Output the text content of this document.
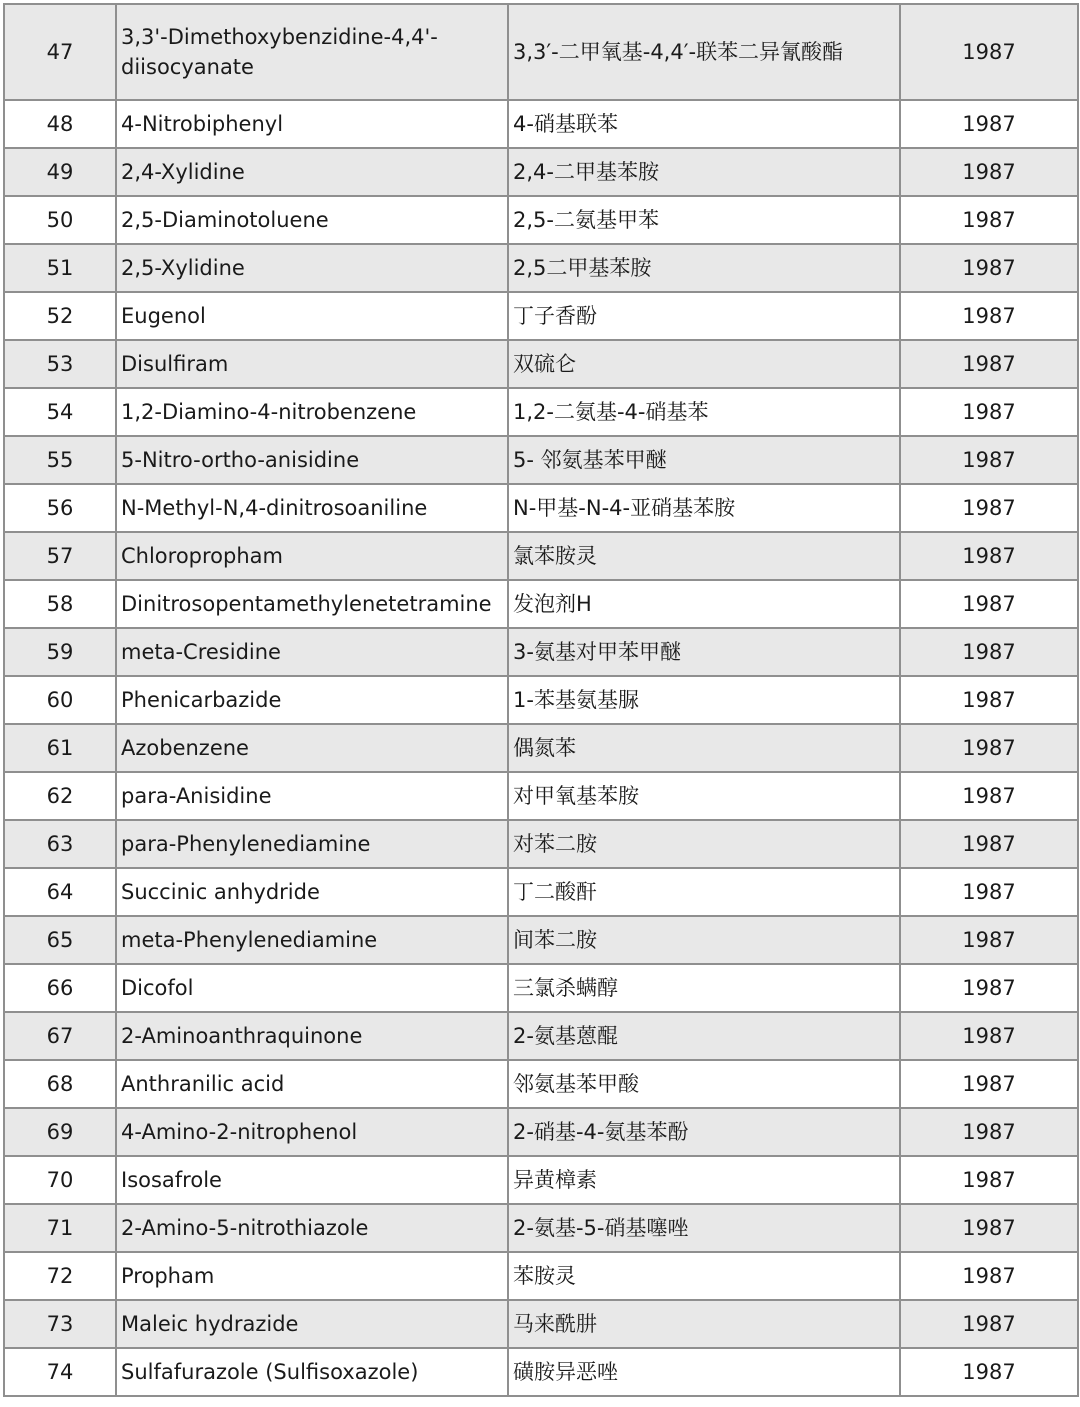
47	3,3'-Dimethoxybenzidine-4,4'-diisocyanate	3,3′-二甲氧基-4,4′-联苯二异氰酸酯	1987
48	4-Nitrobiphenyl	4-硝基联苯	1987
49	2,4-Xylidine	2,4-二甲基苯胺	1987
50	2,5-Diaminotoluene	2,5-二氨基甲苯	1987
51	2,5-Xylidine	2,5二甲基苯胺	1987
52	Eugenol	丁子香酚	1987
53	Disulfiram	双硫仑	1987
54	1,2-Diamino-4-nitrobenzene	1,2-二氨基-4-硝基苯	1987
55	5-Nitro-ortho-anisidine	5- 邻氨基苯甲醚	1987
56	N-Methyl-N,4-dinitrosoaniline	N-甲基-N-4-亚硝基苯胺	1987
57	Chloropropham	氯苯胺灵	1987
58	Dinitrosopentamethylenetetramine	发泡剂H	1987
59	meta-Cresidine	3-氨基对甲苯甲醚	1987
60	Phenicarbazide	1-苯基氨基脲	1987
61	Azobenzene	偶氮苯	1987
62	para-Anisidine	对甲氧基苯胺	1987
63	para-Phenylenediamine	对苯二胺	1987
64	Succinic anhydride	丁二酸酐	1987
65	meta-Phenylenediamine	间苯二胺	1987
66	Dicofol	三氯杀螨醇	1987
67	2-Aminoanthraquinone	2-氨基蒽醌	1987
68	Anthranilic acid	邻氨基苯甲酸	1987
69	4-Amino-2-nitrophenol	2-硝基-4-氨基苯酚	1987
70	Isosafrole	异黄樟素	1987
71	2-Amino-5-nitrothiazole	2-氨基-5-硝基噻唑	1987
72	Propham	苯胺灵	1987
73	Maleic hydrazide	马来酰肼	1987
74	Sulfafurazole (Sulfisoxazole)	磺胺异恶唑	1987
